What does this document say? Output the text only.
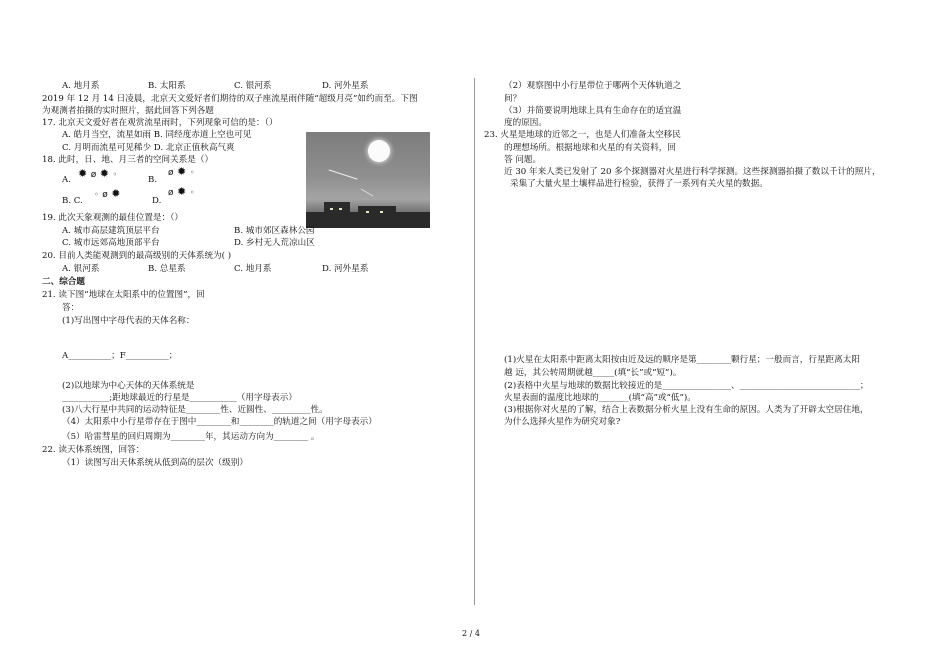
A. 地月系	B. 太阳系	C. 银河系	D. 河外星系
2019 年 12 月 14 日凌晨，北京天文爱好者们期待的双子座流星雨伴随“超级月亮”如约而至。下图
为观测者拍摄的实时照片，据此回答下列各题
17. 北京天文爱好者在观赏流星雨时，下列现象可信的是：（）
A. 皓月当空，流星如雨 B. 同经度赤道上空也可见
C. 月明而流星可见稀少 D. 北京正值秋高气爽
18. 此时，日、地、月三者的空间关系是（）
A. ✹ ø ✹ ◦
B.
ø ✹ ◦
B. C.
◦ ø ✹
D.
ø ✹ ◦
19. 此次天象观测的最佳位置是：（）
A. 城市高层建筑顶层平台	B. 城市郊区森林公园
C. 城市远郊高地顶部平台	D. 乡村无人荒凉山区
20. 目前人类能观测到的最高级别的天体系统为( )
A. 银河系	B. 总星系	C. 地月系	D. 河外星系
二、综合题
21. 读下图“地球在太阳系中的位置图”，回
答：
(1)写出图中字母代表的天体名称：
A__________；F__________；
(2)以地球为中心天体的天体系统是
___________;距地球最近的行星是___________（用字母表示）
(3)八大行星中共同的运动特征是________性、近圆性、_________性。
（4）太阳系中小行星带存在于图中________和________的轨道之间（用字母表示）
（5）哈雷彗星的回归周期为________年，其运动方向为________ 。
22. 读天体系统图，回答：
（1）读图写出天体系统从低到高的层次（级别）
（2）观察图中小行星带位于哪两个天体轨道之
间？
（3）并简要说明地球上具有生命存在的适宜温
度的原因。
23. 火星是地球的近邻之一，也是人们准备太空移民
的理想场所。根据地球和火星的有关资料，回
答 问题。
近 30 年来人类已发射了 20 多个探测器对火星进行科学探测。这些探测器拍摄了数以千计的照片，
采集了大量火星土壤样品进行检验，获得了一系列有关火星的数据。
(1)火星在太阳系中距离太阳按由近及远的顺序是第________颗行星；一般而言，行星距离太阳
越 远，其公转周期就越_____(填“长”或“短”)。
(2)表格中火星与地球的数据比较接近的是________________、____________________________；
火星表面的温度比地球的_______(填“高”或“低”)。
(3)根据你对火星的了解，结合上表数据分析火星上没有生命的原因。人类为了开辟太空居住地，
为什么选择火星作为研究对象?
2 / 4
